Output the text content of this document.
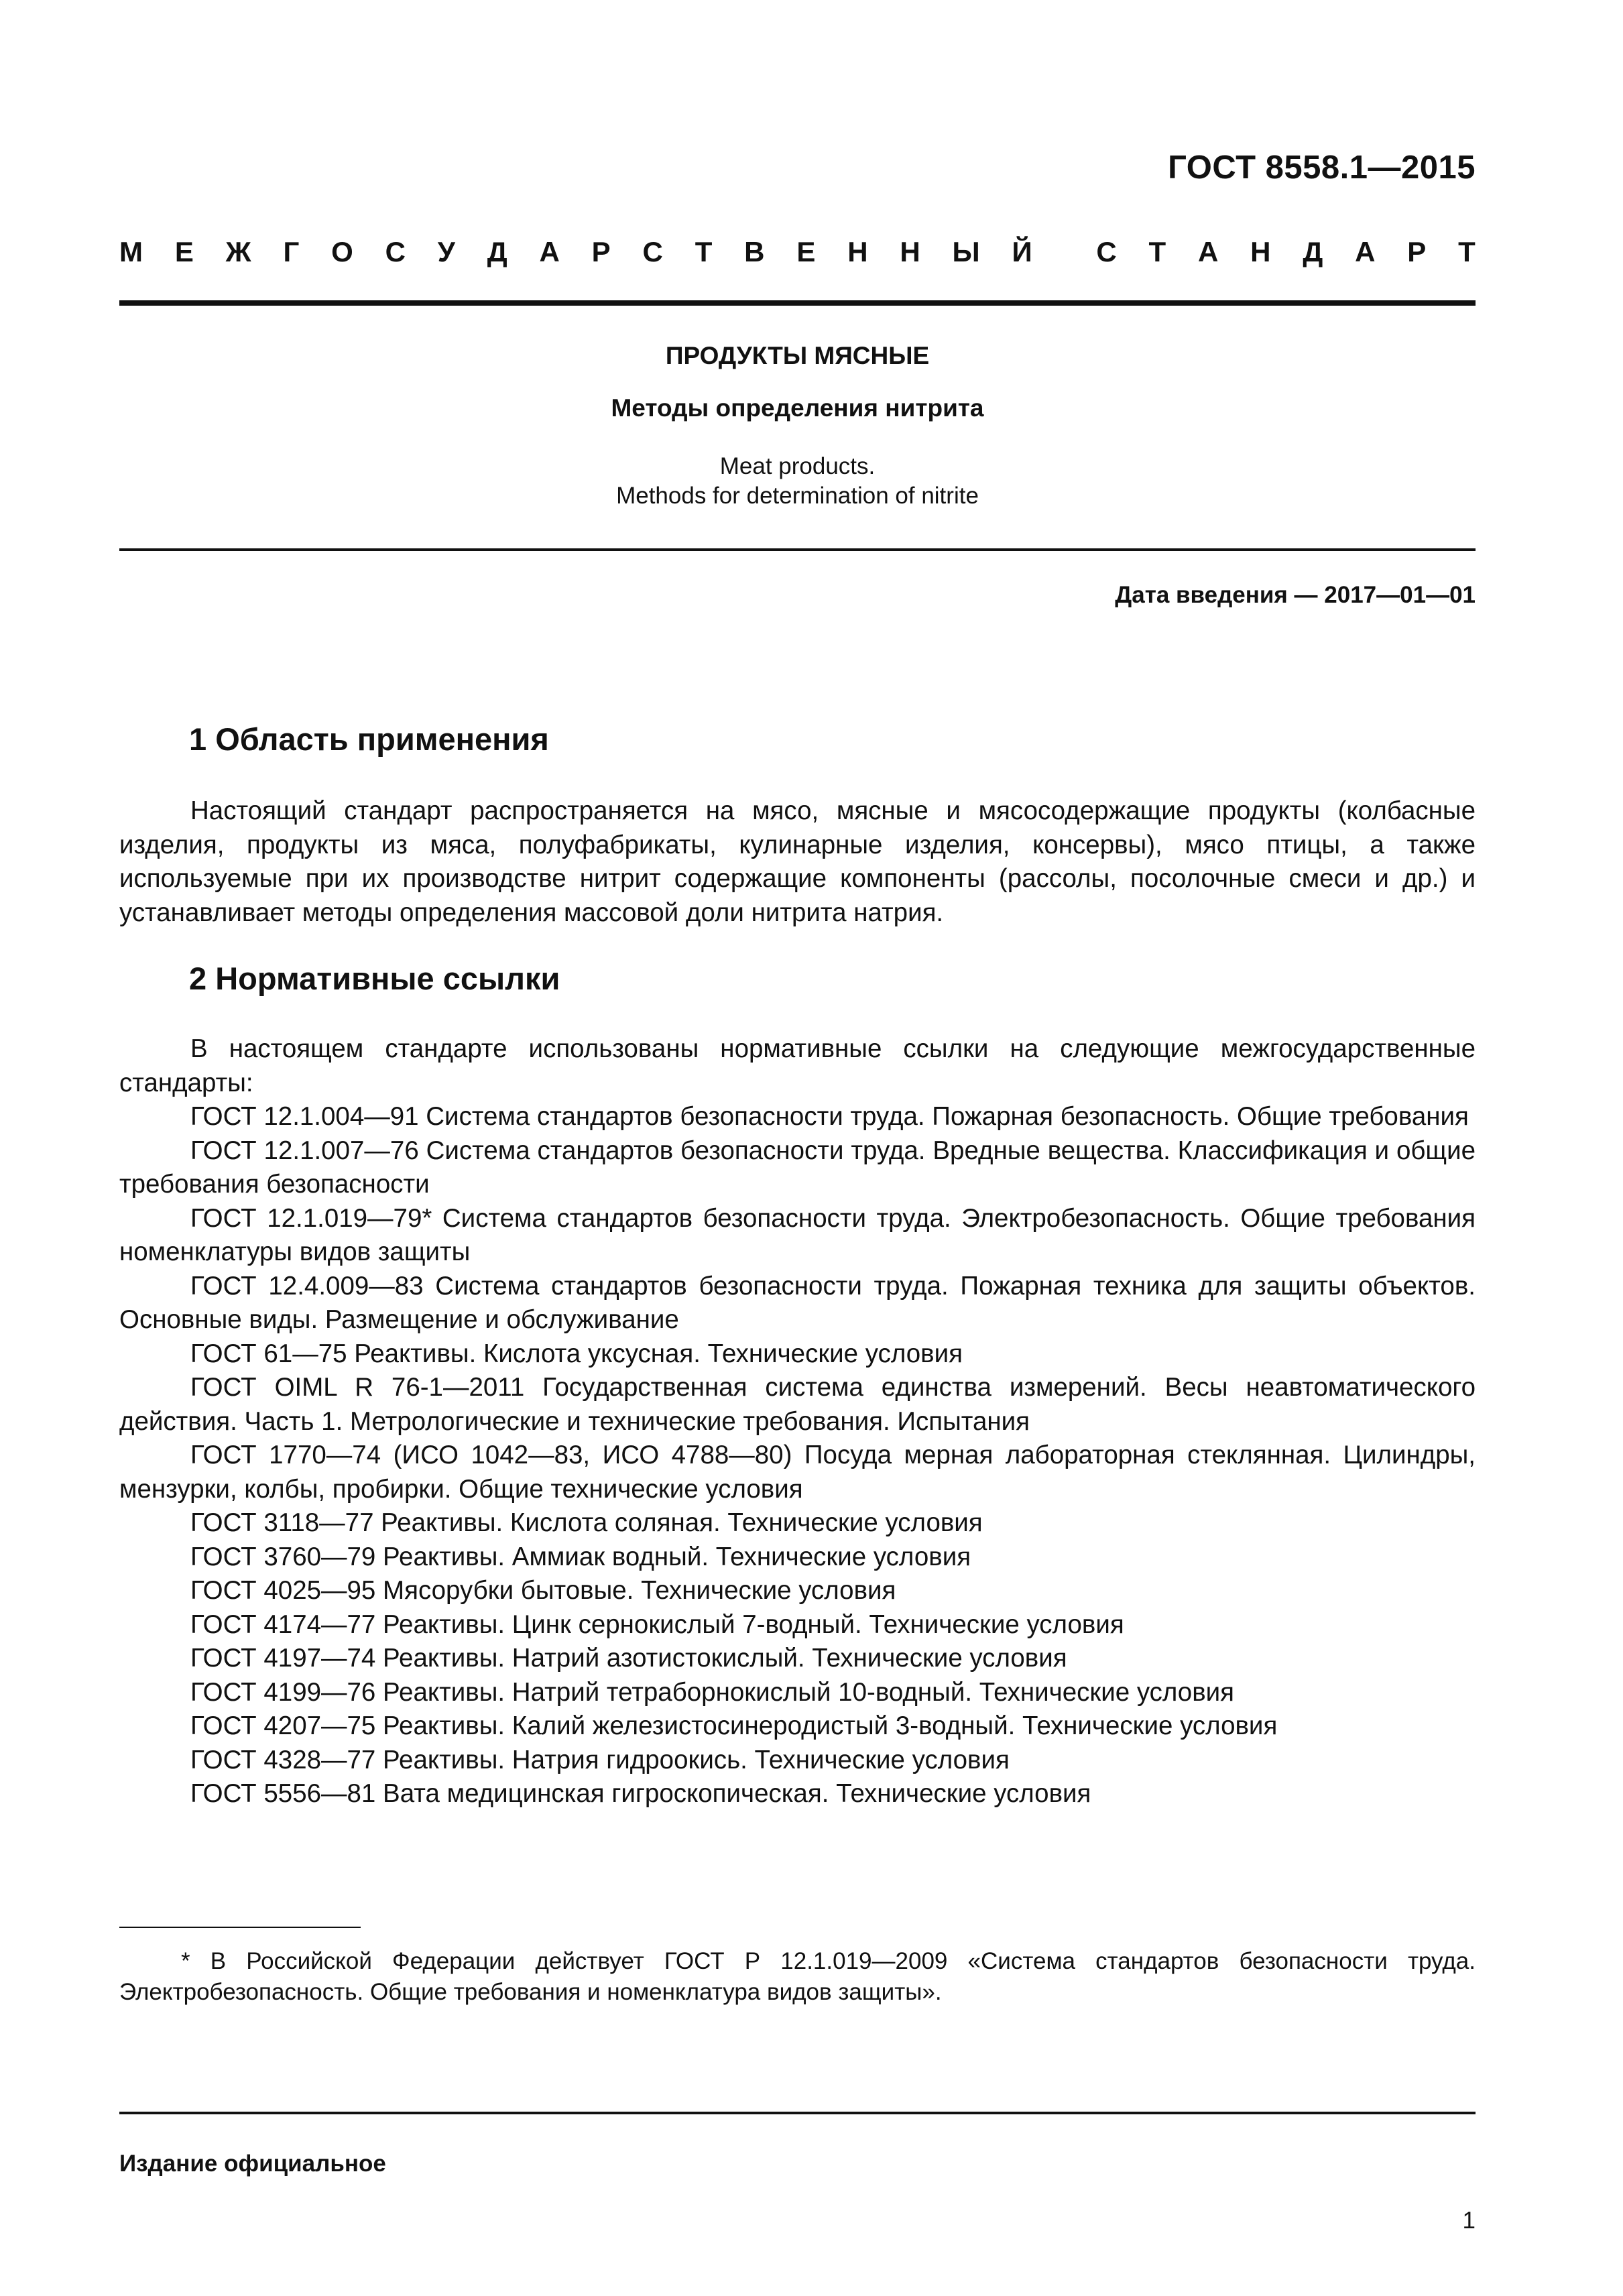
ГОСТ 8558.1—2015
М Е Ж Г О С У Д А Р С Т В Е Н Н Ы Й С Т А Н Д А Р Т
ПРОДУКТЫ МЯСНЫЕ
Методы определения нитрита
Meat products.
Methods for determination of nitrite
Дата введения — 2017—01—01
1 Область применения

Настоящий стандарт распространяется на мясо, мясные и мясосодержащие продукты (колбасные изделия, продукты из мяса, полуфабрикаты, кулинарные изделия, консервы), мясо птицы, а также используемые при их производстве нитрит содержащие компоненты (рассолы, посолочные смеси и др.) и устанавливает методы определения массовой доли нитрита натрия.

2 Нормативные ссылки

В настоящем стандарте использованы нормативные ссылки на следующие межгосударственные стандарты:

ГОСТ 12.1.004—91 Система стандартов безопасности труда. Пожарная безопасность. Общие требования

ГОСТ 12.1.007—76 Система стандартов безопасности труда. Вредные вещества. Классификация и общие требования безопасности

ГОСТ 12.1.019—79* Система стандартов безопасности труда. Электробезопасность. Общие требования номенклатуры видов защиты

ГОСТ 12.4.009—83 Система стандартов безопасности труда. Пожарная техника для защиты объектов. Основные виды. Размещение и обслуживание

ГОСТ 61—75 Реактивы. Кислота уксусная. Технические условия

ГОСТ OIML R 76-1—2011 Государственная система единства измерений. Весы неавтоматического действия. Часть 1. Метрологические и технические требования. Испытания

ГОСТ 1770—74 (ИСО 1042—83, ИСО 4788—80) Посуда мерная лабораторная стеклянная. Цилиндры, мензурки, колбы, пробирки. Общие технические условия

ГОСТ 3118—77 Реактивы. Кислота соляная. Технические условия

ГОСТ 3760—79 Реактивы. Аммиак водный. Технические условия

ГОСТ 4025—95 Мясорубки бытовые. Технические условия

ГОСТ 4174—77 Реактивы. Цинк сернокислый 7-водный. Технические условия

ГОСТ 4197—74 Реактивы. Натрий азотистокислый. Технические условия

ГОСТ 4199—76 Реактивы. Натрий тетраборнокислый 10-водный. Технические условия

ГОСТ 4207—75 Реактивы. Калий железистосинеродистый 3-водный. Технические условия

ГОСТ 4328—77 Реактивы. Натрия гидроокись. Технические условия

ГОСТ 5556—81 Вата медицинская гигроскопическая. Технические условия

* В Российской Федерации действует ГОСТ Р 12.1.019—2009 «Система стандартов безопасности труда. Электробезопасность. Общие требования и номенклатура видов защиты».

Издание официальное
1
